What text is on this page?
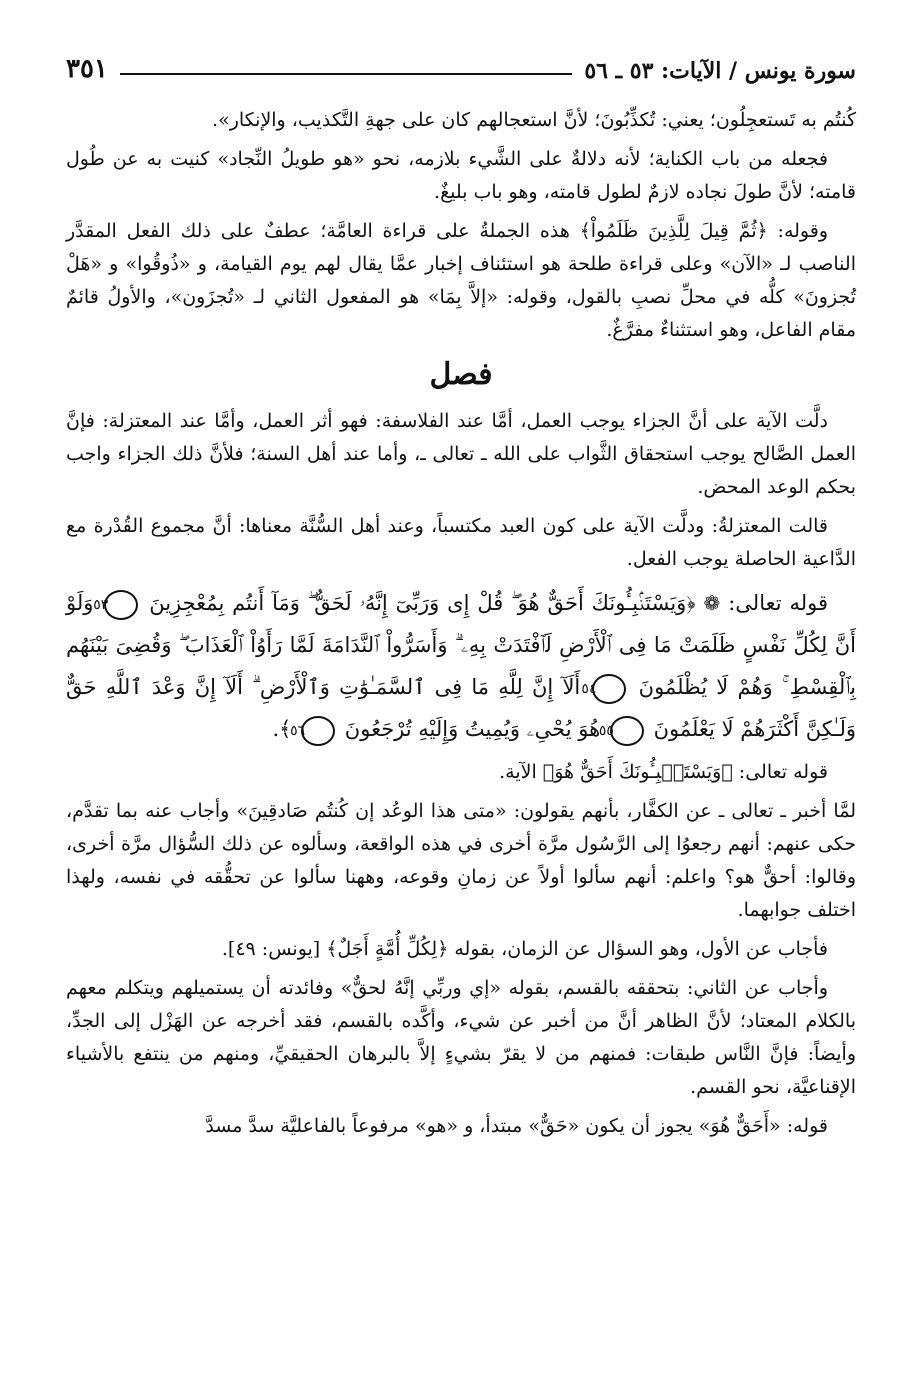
سورة يونس / الآيات: ٥٣ ـ ٥٦
٣٥١

كُنتُم به تَستعجِلُون؛ يعني: تُكذِّبُونَ؛ لأنَّ استعجالهم كان على جهةِ التَّكذيب، والإنكار».

فجعله من باب الكناية؛ لأنه دلالةٌ على الشَّيء بلازمه، نحو «هو طويلُ النِّجاد» كنيت به عن طُول قامته؛ لأنَّ طولَ نجاده لازمٌ لطول قامته، وهو باب بليغٌ.

وقوله: ﴿ثُمَّ قِيلَ لِلَّذِينَ ظَلَمُواْ﴾ هذه الجملةُ على قراءة العامَّة؛ عطفٌ على ذلك الفعل المقدَّر الناصب لـ «الآن» وعلى قراءة طلحة هو استئناف إخبار عمَّا يقال لهم يوم القيامة، و «ذُوقُوا» و «هَلْ تُجزونَ» كلُّه في محلِّ نصبِ بالقول، وقوله: «إلاَّ بِمَا» هو المفعول الثاني لـ «تُجزَون»، والأولُ قائمٌ مقام الفاعل، وهو استثناءٌ مفرَّغٌ.

فصل

دلَّت الآية على أنَّ الجزاء يوجب العمل، أمَّا عند الفلاسفة: فهو أثر العمل، وأمَّا عند المعتزلة: فإنَّ العمل الصَّالح يوجب استحقاق الثَّواب على الله ـ تعالى ـ، وأما عند أهل السنة؛ فلأنَّ ذلك الجزاء واجب بحكم الوعد المحض.

قالت المعتزلةُ: ودلَّت الآية على كون العبد مكتسباً، وعند أهل السُّنَّة معناها: أنَّ مجموع القُدْرة مع الدَّاعية الحاصلة يوجب الفعل.

قوله تعالى: ❁ ﴿وَيَسْتَنۢبِـُٔونَكَ أَحَقٌّ هُوَ ۖ قُلْ إِى وَرَبِّىٓ إِنَّهُۥ لَحَقٌّ ۖ وَمَآ أَنتُم بِمُعْجِزِينَ ٥٣ وَلَوْ أَنَّ لِكُلِّ نَفْسٍ ظَلَمَتْ مَا فِى ٱلْأَرْضِ لَٱفْتَدَتْ بِهِۦ ۗ وَأَسَرُّواْ ٱلنَّدَامَةَ لَمَّا رَأَوُاْ ٱلْعَذَابَ ۖ وَقُضِىَ بَيْنَهُم بِٱلْقِسْطِ ۚ وَهُمْ لَا يُظْلَمُونَ ٥٤ أَلَآ إِنَّ لِلَّهِ مَا فِى ٱلسَّمَـٰوَٰتِ وَٱلْأَرْضِ ۗ أَلَآ إِنَّ وَعْدَ ٱللَّهِ حَقٌّ وَلَـٰكِنَّ أَكْثَرَهُمْ لَا يَعْلَمُونَ ٥٥ هُوَ يُحْىِۦ وَيُمِيتُ وَإِلَيْهِ تُرْجَعُونَ ٥٦ ﴾.

قوله تعالى: ﴿وَيَسْتَنۢبِـُٔونَكَ أَحَقٌّ هُوَ﴾ الآية.

لمَّا أخبر ـ تعالى ـ عن الكفَّار، بأنهم يقولون: «متى هذا الوعُد إن كُنتُم صَادقِينَ» وأجاب عنه بما تقدَّم، حكى عنهم: أنهم رجعوُا إلى الرَّسُول مرَّة أخرى في هذه الواقعة، وسألوه عن ذلك السُّؤال مرَّة أخرى، وقالوا: أحقٌّ هو؟ واعلم: أنهم سألوا أولاً عن زمانِ وقوعه، وههنا سألوا عن تحقُّقه في نفسه، ولهذا اختلف جوابهما.

فأجاب عن الأول، وهو السؤال عن الزمان، بقوله ﴿لِكُلِّ أُمَّةٍ أَجَلٌ﴾ [يونس: ٤٩].

وأجاب عن الثاني: بتحققه بالقسم، بقوله «إي وربِّي إنَّهُ لحقٌّ» وفائدته أن يستميلهم ويتكلم معهم بالكلام المعتاد؛ لأنَّ الظاهر أنَّ من أخبر عن شيء، وأكَّده بالقسم، فقد أخرجه عن الهَزْل إلى الجدِّ، وأيضاً: فإنَّ النَّاس طبقات: فمنهم من لا يقرّ بشيءٍ إلاَّ بالبرهان الحقيقيِّ، ومنهم من ينتفع بالأشياء الإقناعيَّة، نحو القسم.

قوله: «أَحَقٌّ هُوَ» يجوز أن يكون «حَقٌّ» مبتدأ، و «هو» مرفوعاً بالفاعليَّة سدَّ مسدَّ
